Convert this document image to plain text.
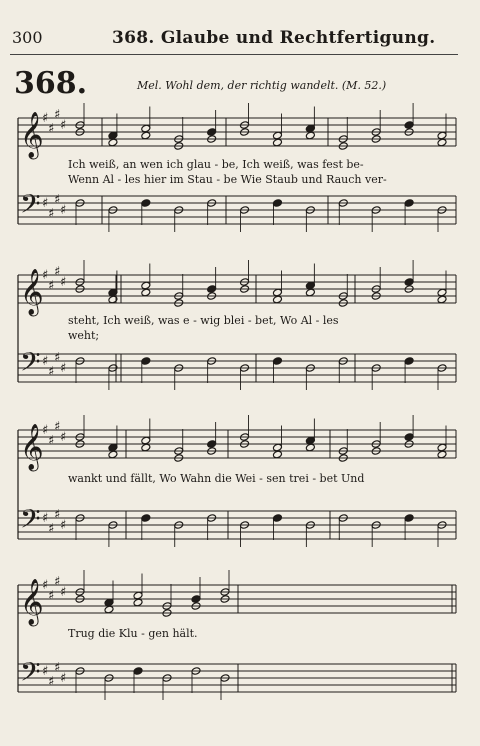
300	368. Glaube und Rechtfertigung.
368.	Mel. Wohl dem, der richtig wandelt. (M. 52.)
𝄞
𝄢
♯
♯
♯
♯
♯
♯
♯
♯
𝄞
𝄢
♯
♯
♯
♯
♯
♯
♯
♯
𝄞
𝄢
♯
♯
♯
♯
♯
♯
♯
♯
𝄞
𝄢
♯
♯
♯
♯
♯
♯
♯
♯
Ich weiß, an wen ich glau - be, Ich weiß, was fest be-
Wenn Al - les hier im Stau - be Wie Staub und Rauch ver-
steht, Ich weiß, was e - wig blei - bet, Wo Al - les
weht;
wankt und fällt, Wo Wahn die Wei - sen trei - bet Und
Trug die Klu - gen hält.
